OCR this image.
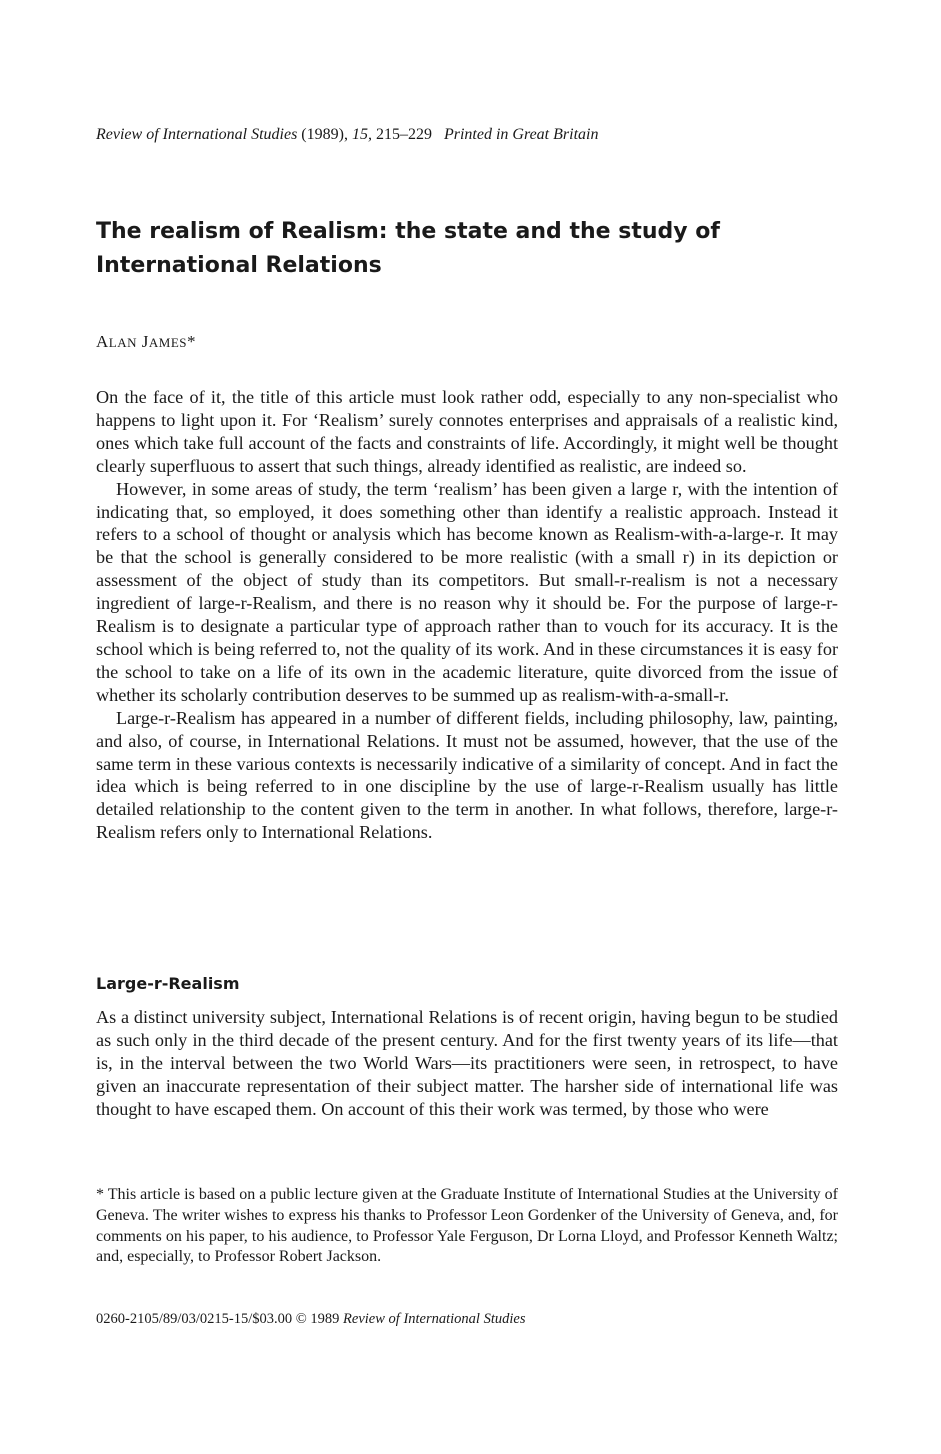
Review of International Studies (1989), 15, 215–229 Printed in Great Britain
The realism of Realism: the state and the study of International Relations
ALAN JAMES*

On the face of it, the title of this article must look rather odd, especially to any non-specialist who happens to light upon it. For ‘Realism’ surely connotes enterprises and appraisals of a realistic kind, ones which take full account of the facts and constraints of life. Accordingly, it might well be thought clearly superfluous to assert that such things, already identified as realistic, are indeed so.

However, in some areas of study, the term ‘realism’ has been given a large r, with the intention of indicating that, so employed, it does something other than identify a realistic approach. Instead it refers to a school of thought or analysis which has become known as Realism-with-a-large-r. It may be that the school is generally considered to be more realistic (with a small r) in its depiction or assessment of the object of study than its competitors. But small-r-realism is not a necessary ingredient of large-r-Realism, and there is no reason why it should be. For the purpose of large-r-Realism is to designate a particular type of approach rather than to vouch for its accuracy. It is the school which is being referred to, not the quality of its work. And in these circumstances it is easy for the school to take on a life of its own in the academic literature, quite divorced from the issue of whether its scholarly contribution deserves to be summed up as realism-with-a-small-r.

Large-r-Realism has appeared in a number of different fields, including philosophy, law, painting, and also, of course, in International Relations. It must not be assumed, however, that the use of the same term in these various contexts is necessarily indicative of a similarity of concept. And in fact the idea which is being referred to in one discipline by the use of large-r-Realism usually has little detailed relationship to the content given to the term in another. In what follows, therefore, large-r-Realism refers only to International Relations.

Large-r-Realism

As a distinct university subject, International Relations is of recent origin, having begun to be studied as such only in the third decade of the present century. And for the first twenty years of its life—that is, in the interval between the two World Wars—its practitioners were seen, in retrospect, to have given an inaccurate representation of their subject matter. The harsher side of international life was thought to have escaped them. On account of this their work was termed, by those who were

* This article is based on a public lecture given at the Graduate Institute of International Studies at the University of Geneva. The writer wishes to express his thanks to Professor Leon Gordenker of the University of Geneva, and, for comments on his paper, to his audience, to Professor Yale Ferguson, Dr Lorna Lloyd, and Professor Kenneth Waltz; and, especially, to Professor Robert Jackson.

0260-2105/89/03/0215-15/$03.00 © 1989 Review of International Studies
